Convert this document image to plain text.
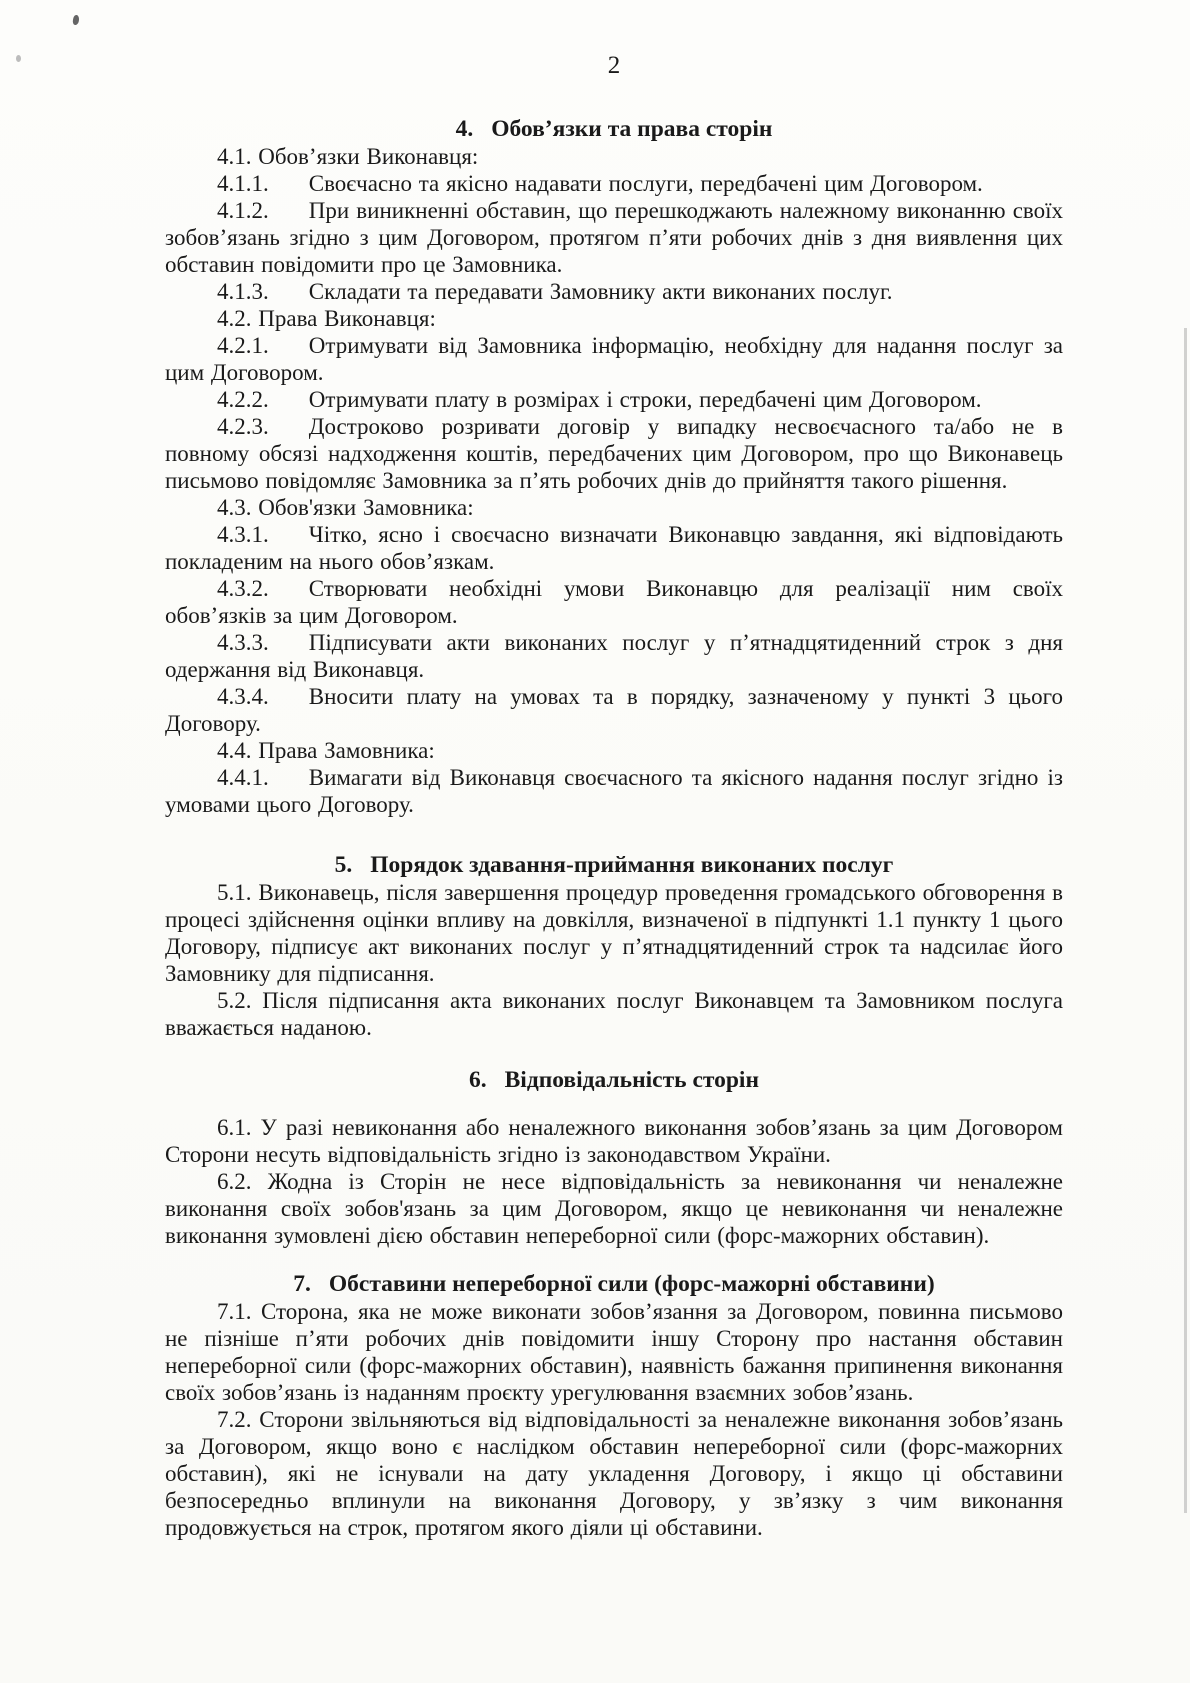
2
4. Обов’язки та права сторін

4.1. Обов’язки Виконавця:

4.1.1. Своєчасно та якісно надавати послуги, передбачені цим Договором.

4.1.2. При виникненні обставин, що перешкоджають належному виконанню своїх зобов’язань згідно з цим Договором, протягом п’яти робочих днів з дня виявлення цих обставин повідомити про це Замовника.

4.1.3. Складати та передавати Замовнику акти виконаних послуг.

4.2. Права Виконавця:

4.2.1. Отримувати від Замовника інформацію, необхідну для надання послуг за цим Договором.

4.2.2. Отримувати плату в розмірах і строки, передбачені цим Договором.

4.2.3. Достроково розривати договір у випадку несвоєчасного та/або не в повному обсязі надходження коштів, передбачених цим Договором, про що Виконавець письмово повідомляє Замовника за п’ять робочих днів до прийняття такого рішення.

4.3. Обов'язки Замовника:

4.3.1. Чітко, ясно і своєчасно визначати Виконавцю завдання, які відповідають покладеним на нього обов’язкам.

4.3.2. Створювати необхідні умови Виконавцю для реалізації ним своїх обов’язків за цим Договором.

4.3.3. Підписувати акти виконаних послуг у п’ятнадцятиденний строк з дня одержання від Виконавця.

4.3.4. Вносити плату на умовах та в порядку, зазначеному у пункті 3 цього Договору.

4.4. Права Замовника:

4.4.1. Вимагати від Виконавця своєчасного та якісного надання послуг згідно із умовами цього Договору.

5. Порядок здавання-приймання виконаних послуг

5.1. Виконавець, після завершення процедур проведення громадського обговорення в процесі здійснення оцінки впливу на довкілля, визначеної в підпункті 1.1 пункту 1 цього Договору, підписує акт виконаних послуг у п’ятнадцятиденний строк та надсилає його Замовнику для підписання.

5.2. Після підписання акта виконаних послуг Виконавцем та Замовником послуга вважається наданою.

6. Відповідальність сторін

6.1. У разі невиконання або неналежного виконання зобов’язань за цим Договором Сторони несуть відповідальність згідно із законодавством України.

6.2. Жодна із Сторін не несе відповідальність за невиконання чи неналежне виконання своїх зобов'язань за цим Договором, якщо це невиконання чи неналежне виконання зумовлені дією обставин непереборної сили (форс-мажорних обставин).

7. Обставини непереборної сили (форс-мажорні обставини)

7.1. Сторона, яка не може виконати зобов’язання за Договором, повинна письмово не пізніше п’яти робочих днів повідомити іншу Сторону про настання обставин непереборної сили (форс-мажорних обставин), наявність бажання припинення виконання своїх зобов’язань із наданням проєкту урегулювання взаємних зобов’язань.

7.2. Сторони звільняються від відповідальності за неналежне виконання зобов’язань за Договором, якщо воно є наслідком обставин непереборної сили (форс-мажорних обставин), які не існували на дату укладення Договору, і якщо ці обставини безпосередньо вплинули на виконання Договору, у зв’язку з чим виконання продовжується на строк, протягом якого діяли ці обставини.
